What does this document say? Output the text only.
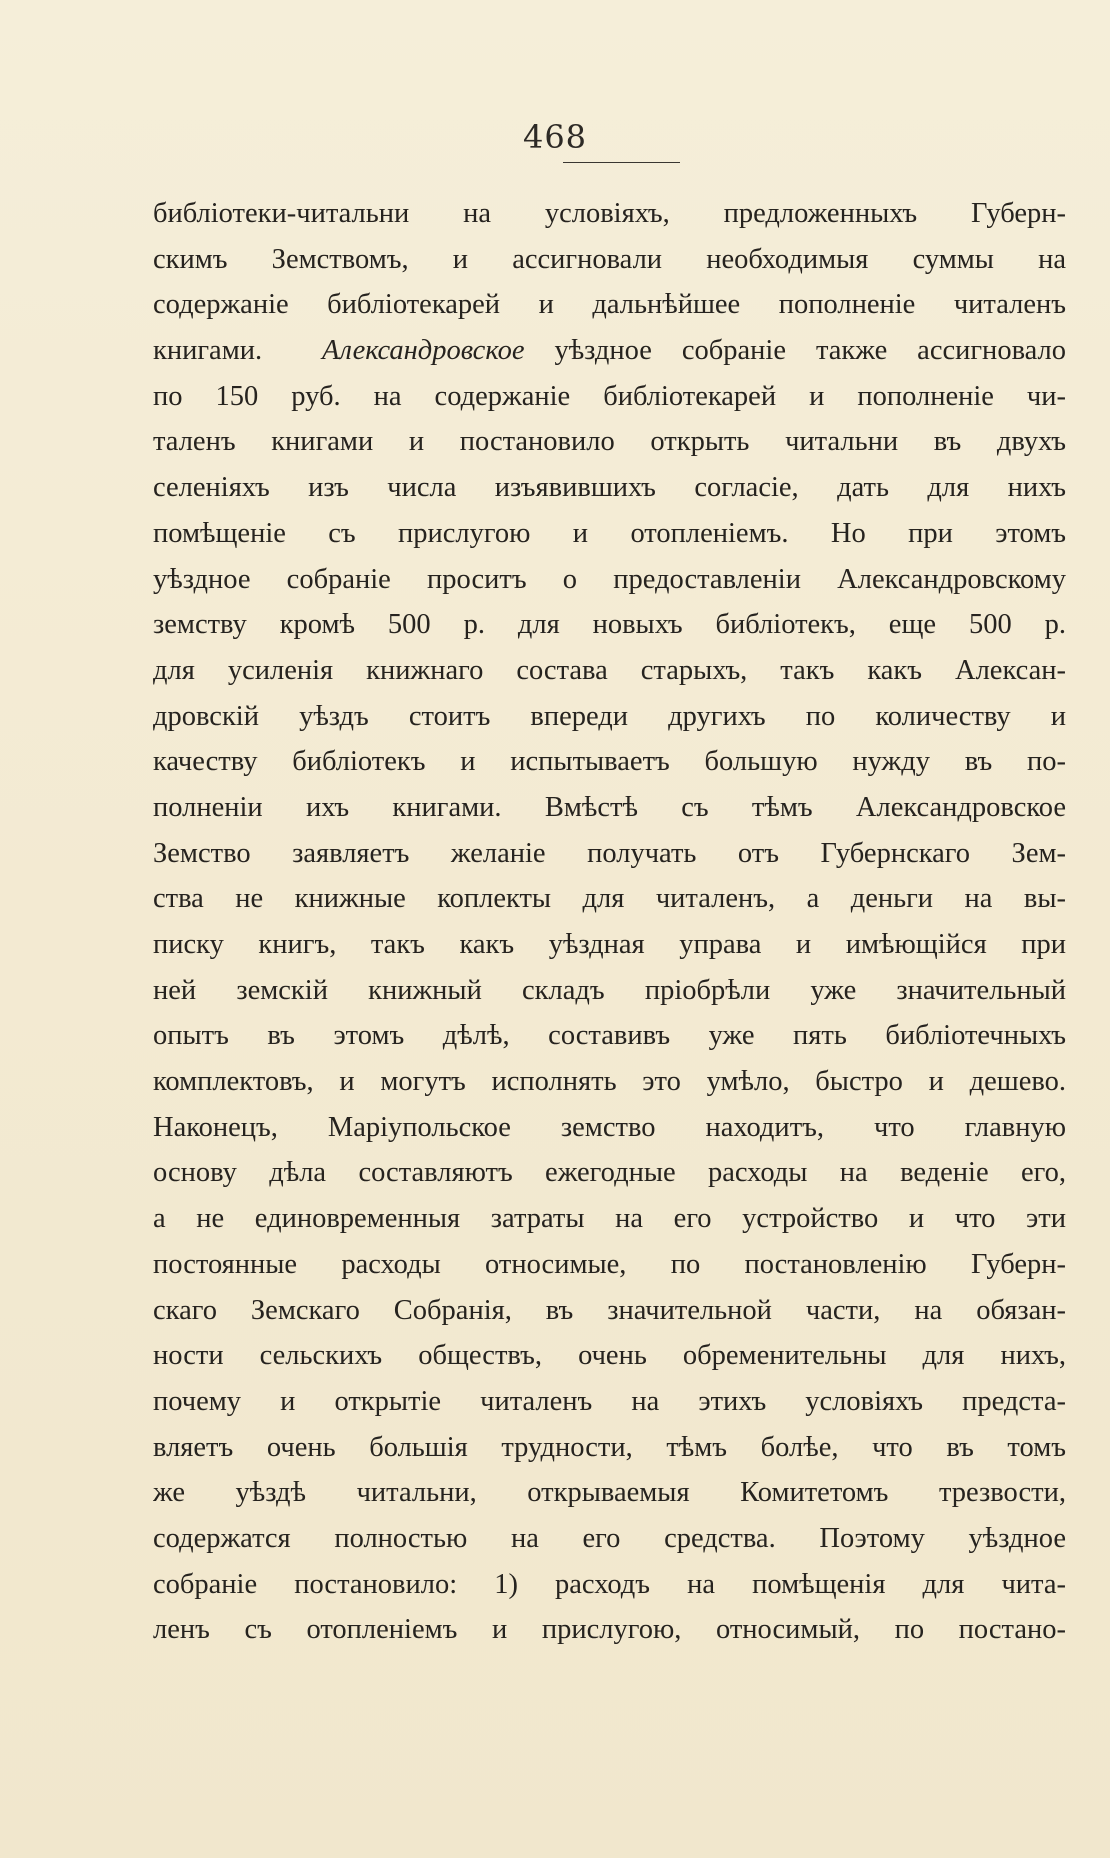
468
библіотеки-читальни на условіяхъ, предложенныхъ Губерн-
скимъ Земствомъ, и ассигновали необходимыя суммы на
содержаніе библіотекарей и дальнѣйшее пополненіе читаленъ
книгами. Александровское уѣздное собраніе также ассигновало
по 150 руб. на содержаніе библіотекарей и пополненіе чи-
таленъ книгами и постановило открыть читальни въ двухъ
селеніяхъ изъ числа изъявившихъ согласіе, дать для нихъ
помѣщеніе съ прислугою и отопленіемъ. Но при этомъ
уѣздное собраніе проситъ о предоставленіи Александровскому
земству кромѣ 500 р. для новыхъ библіотекъ, еще 500 р.
для усиленія книжнаго состава старыхъ, такъ какъ Алексан-
дровскій уѣздъ стоитъ впереди другихъ по количеству и
качеству библіотекъ и испытываетъ большую нужду въ по-
полненіи ихъ книгами. Вмѣстѣ съ тѣмъ Александровское
Земство заявляетъ желаніе получать отъ Губернскаго Зем-
ства не книжные коплекты для читаленъ, а деньги на вы-
писку книгъ, такъ какъ уѣздная управа и имѣющійся при
ней земскій книжный складъ пріобрѣли уже значительный
опытъ въ этомъ дѣлѣ, составивъ уже пять библіотечныхъ
комплектовъ, и могутъ исполнять это умѣло, быстро и дешево.
Наконецъ, Маріупольское земство находитъ, что главную
основу дѣла составляютъ ежегодные расходы на веденіе его,
а не единовременныя затраты на его устройство и что эти
постоянные расходы относимые, по постановленію Губерн-
скаго Земскаго Собранія, въ значительной части, на обязан-
ности сельскихъ обществъ, очень обременительны для нихъ,
почему и открытіе читаленъ на этихъ условіяхъ предста-
вляетъ очень большія трудности, тѣмъ болѣе, что въ томъ
же уѣздѣ читальни, открываемыя Комитетомъ трезвости,
содержатся полностью на его средства. Поэтому уѣздное
собраніе постановило: 1) расходъ на помѣщенія для чита-
ленъ съ отопленіемъ и прислугою, относимый, по постано-
